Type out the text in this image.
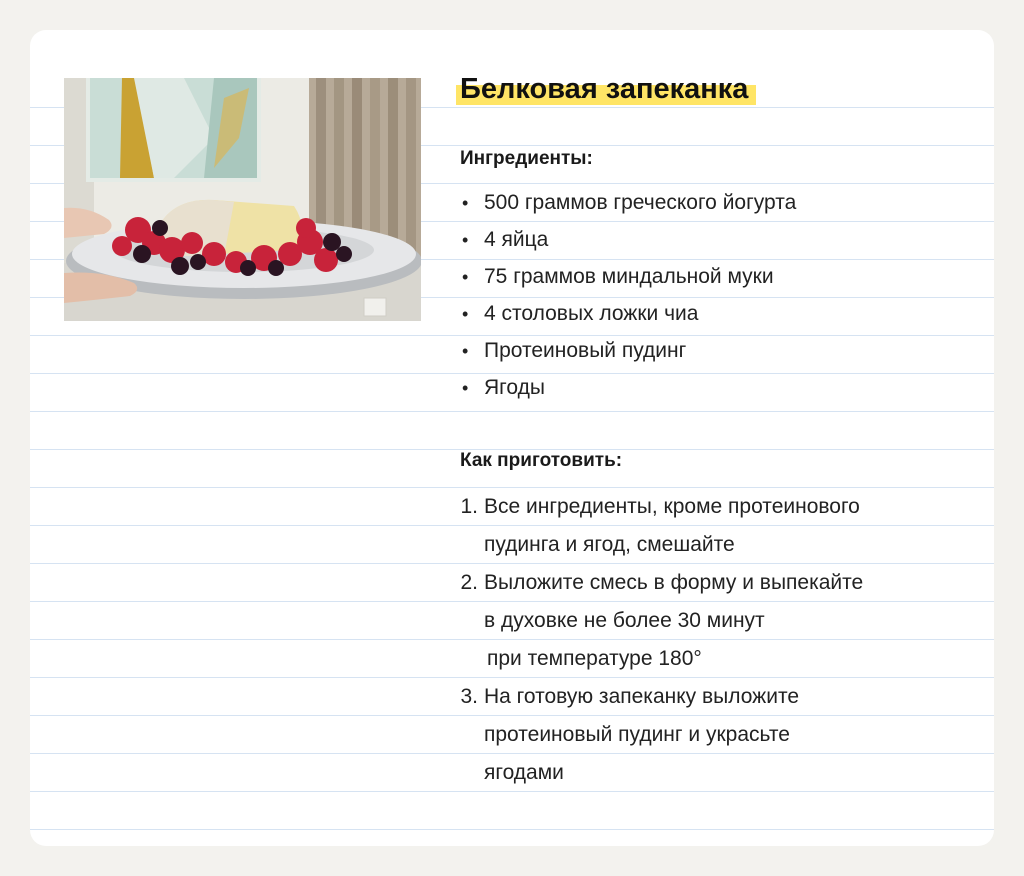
Белковая запеканка
Ингредиенты:
• 500 граммов греческого йогурта
• 4 яйца
• 75 граммов миндальной муки
• 4 столовых ложки чиа
• Протеиновый пудинг
• Ягоды
Как приготовить:
1. Все ингредиенты, кроме протеинового
пудинга и ягод, смешайте
2. Выложите смесь в форму и выпекайте
в духовке не более 30 минут
при температуре 180°
3. На готовую запеканку выложите
протеиновый пудинг и украсьте
ягодами
